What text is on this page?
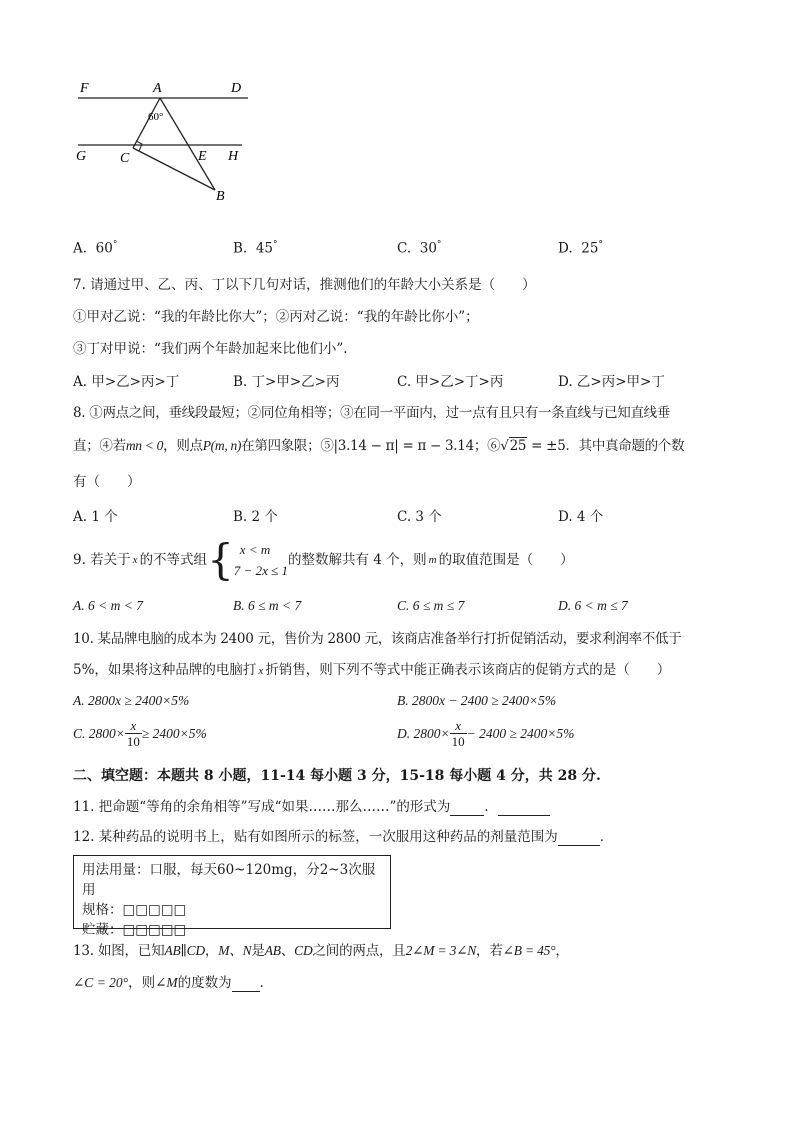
F	A	D
60°
G C	E H
B
A. 60°	B. 45°	C. 30°	D. 25°
7. 请通过甲、乙、丙、丁以下几句对话，推测他们的年龄大小关系是（　　）
①甲对乙说：“我的年龄比你大”；②丙对乙说：“我的年龄比你小”；
③丁对甲说：“我们两个年龄加起来比他们小”.
A. 甲>乙>丙>丁	B. 丁>甲>乙>丙	C. 甲>乙>丁>丙	D. 乙>丙>甲>丁
8. ①两点之间，垂线段最短；②同位角相等；③在同一平面内，过一点有且只有一条直线与已知直线垂
直；④若mn < 0，则点P(m, n)在第四象限；⑤|3.14 − π| = π − 3.14；⑥√25 = ±5．其中真命题的个数
有（　　）
A. 1 个	B. 2 个	C. 3 个	D. 4 个
9. 若关于 x 的不等式组 { x < m
7 − 2x ≤ 1
的整数解共有 4 个，则 m 的取值范围是（　　）
A. 6 < m < 7	B. 6 ≤ m < 7	C. 6 ≤ m ≤ 7	D. 6 < m ≤ 7
10. 某品牌电脑的成本为 2400 元，售价为 2800 元，该商店准备举行打折促销活动，要求利润率不低于
5%，如果将这种品牌的电脑打 x 折销售，则下列不等式中能正确表示该商店的促销方式的是（　　）
A. 2800x ≥ 2400×5%	B. 2800x − 2400 ≥ 2400×5%
C. $2800\times \frac{x}{10} \ge 2400\times 5\%$	D. $2800\times \frac{x}{10} - 2400 \ge 2400\times 5\%$
二、填空题：本题共 8 小题，11-14 每小题 3 分，15-18 每小题 4 分，共 28 分.
11. 把命题“等角的余角相等”写成“如果……那么……”的形式为	．
12. 某种药品的说明书上，贴有如图所示的标签，一次服用这种药品的剂量范围为	．
用法用量：口服，每天60~120mg，分2~3次服用
规格：□□□□□
贮藏：□□□□□
13. 如图，已知AB∥CD，M、N是AB、CD之间的两点，且2∠M = 3∠N，若∠B = 45°，
∠C = 20°，则∠M的度数为 ．
